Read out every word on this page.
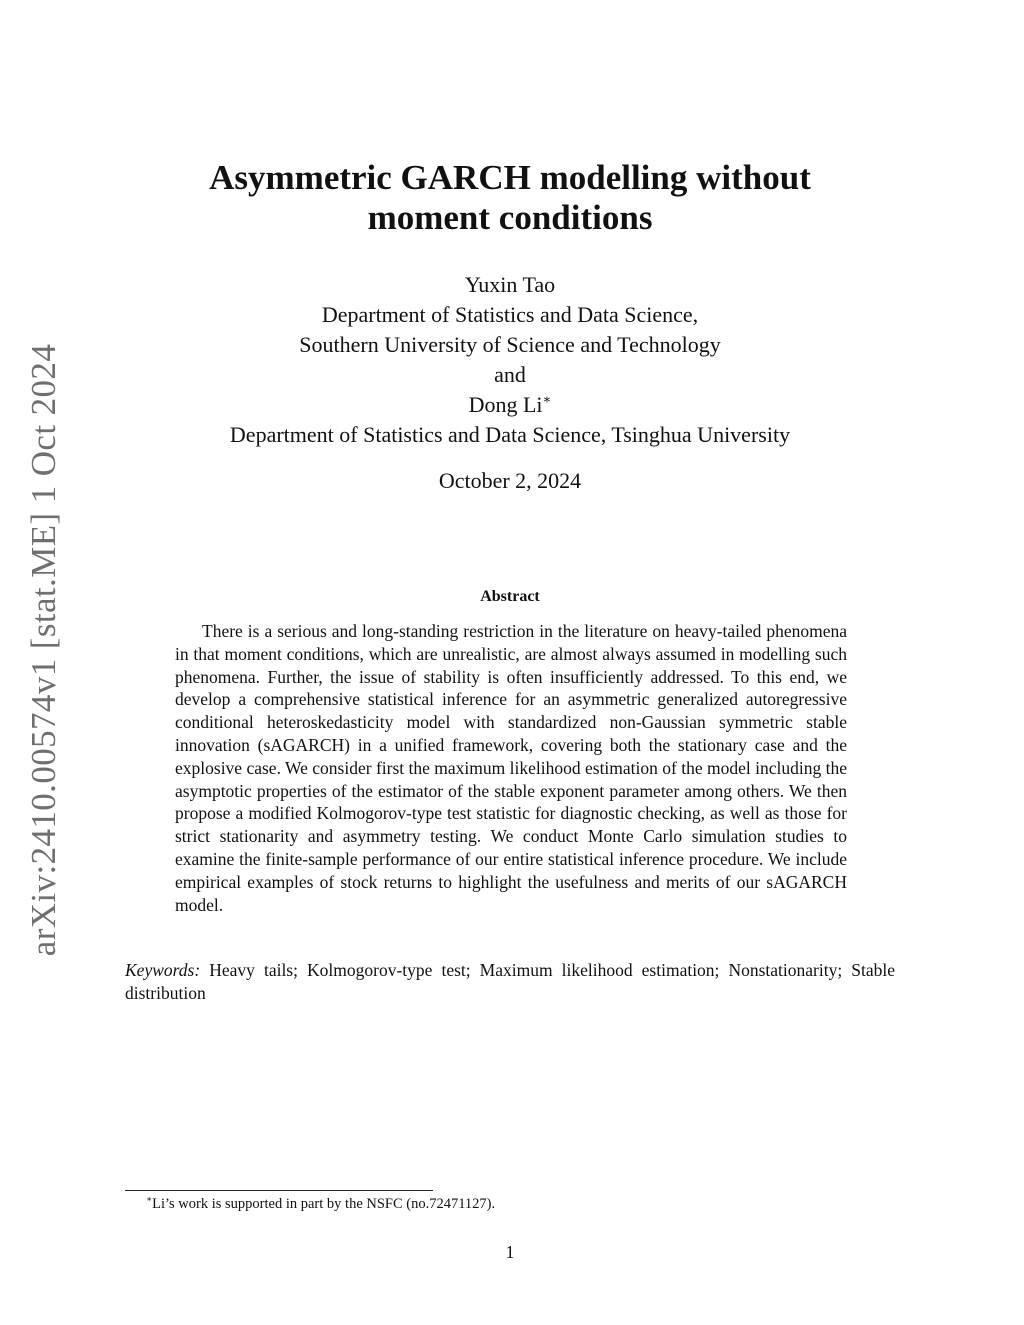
arXiv:2410.00574v1 [stat.ME] 1 Oct 2024
Asymmetric GARCH modelling without
moment conditions
Yuxin Tao
Department of Statistics and Data Science,
Southern University of Science and Technology
and
Dong Li∗
Department of Statistics and Data Science, Tsinghua University
October 2, 2024
Abstract
There is a serious and long-standing restriction in the literature on heavy-tailed phenomena in that moment conditions, which are unrealistic, are almost always assumed in modelling such phenomena. Further, the issue of stability is often insufficiently addressed. To this end, we develop a comprehensive statistical inference for an asymmetric generalized autoregressive conditional heteroskedasticity model with standardized non-Gaussian symmetric stable innovation (sAGARCH) in a unified framework, covering both the stationary case and the explosive case. We consider first the maximum likelihood estimation of the model including the asymptotic properties of the estimator of the stable exponent parameter among others. We then propose a modified Kolmogorov-type test statistic for diagnostic checking, as well as those for strict stationarity and asymmetry testing. We conduct Monte Carlo simulation studies to examine the finite-sample performance of our entire statistical inference procedure. We include empirical examples of stock returns to highlight the usefulness and merits of our sAGARCH model.
Keywords: Heavy tails; Kolmogorov-type test; Maximum likelihood estimation; Nonstationarity; Stable distribution
∗Li’s work is supported in part by the NSFC (no.72471127).
1
